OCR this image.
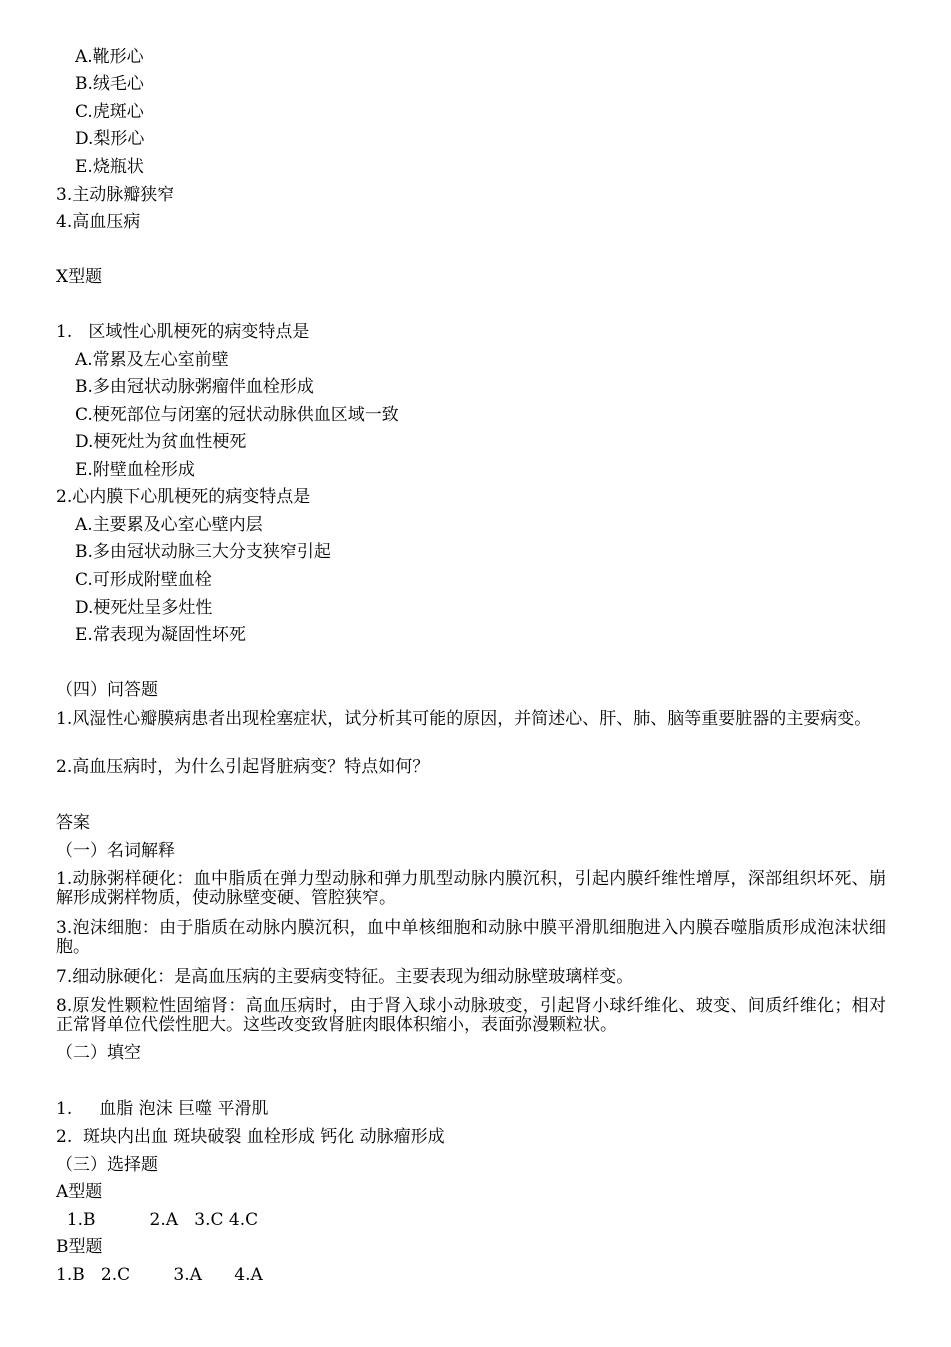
A.靴形心
B.绒毛心
C.虎斑心
D.梨形心
E.烧瓶状
3.主动脉瓣狭窄
4.高血压病
X型题
1.   区域性心肌梗死的病变特点是
A.常累及左心室前壁
B.多由冠状动脉粥瘤伴血栓形成
C.梗死部位与闭塞的冠状动脉供血区域一致
D.梗死灶为贫血性梗死
E.附壁血栓形成
2.心内膜下心肌梗死的病变特点是
A.主要累及心室心壁内层
B.多由冠状动脉三大分支狭窄引起
C.可形成附壁血栓
D.梗死灶呈多灶性
E.常表现为凝固性坏死
（四）问答题
1.风湿性心瓣膜病患者出现栓塞症状，试分析其可能的原因，并简述心、肝、肺、脑等重要脏器的主要病变。
2.高血压病时，为什么引起肾脏病变？特点如何？
答案
（一）名词解释
1.动脉粥样硬化：血中脂质在弹力型动脉和弹力肌型动脉内膜沉积，引起内膜纤维性增厚，深部组织坏死、崩解形成粥样物质，使动脉壁变硬、管腔狭窄。
3.泡沫细胞：由于脂质在动脉内膜沉积，血中单核细胞和动脉中膜平滑肌细胞进入内膜吞噬脂质形成泡沫状细胞。
7.细动脉硬化：是高血压病的主要病变特征。主要表现为细动脉壁玻璃样变。
8.原发性颗粒性固缩肾：高血压病时，由于肾入球小动脉玻变，引起肾小球纤维化、玻变、间质纤维化；相对正常肾单位代偿性肥大。这些改变致肾脏肉眼体积缩小，表面弥漫颗粒状。
（二）填空
1.     血脂 泡沫 巨噬 平滑肌
2.  斑块内出血 斑块破裂 血栓形成 钙化 动脉瘤形成
（三）选择题
A型题
1.B          2.A   3.C 4.C
B型题
1.B   2.C        3.A      4.A
